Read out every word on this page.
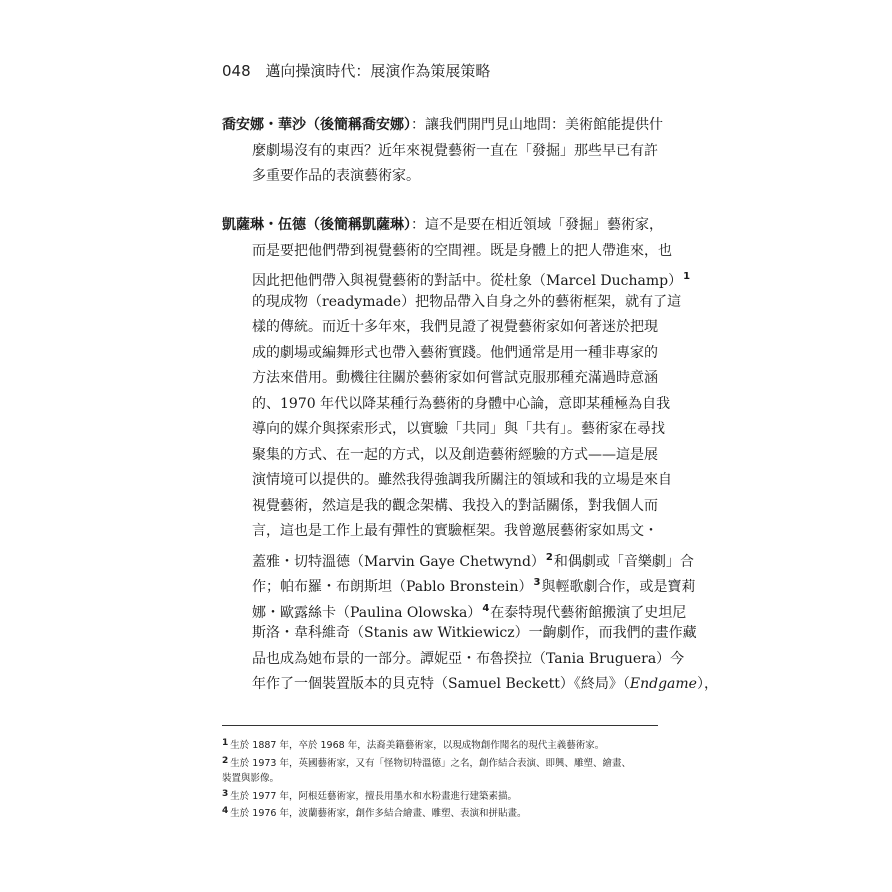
048 邁向操演時代：展演作為策展策略
喬安娜・華沙（後簡稱喬安娜）：讓我們開門見山地問：美術館能提供什
麼劇場沒有的東西？近年來視覺藝術一直在「發掘」那些早已有許
多重要作品的表演藝術家。
凱薩琳・伍德（後簡稱凱薩琳）：這不是要在相近領域「發掘」藝術家，
而是要把他們帶到視覺藝術的空間裡。既是身體上的把人帶進來，也
因此把他們帶入與視覺藝術的對話中。從杜象（Marcel Duchamp）$^1$
的現成物（readymade）把物品帶入自身之外的藝術框架，就有了這
樣的傳統。而近十多年來，我們見證了視覺藝術家如何著迷於把現
成的劇場或編舞形式也帶入藝術實踐。他們通常是用一種非專家的
方法來借用。動機往往關於藝術家如何嘗試克服那種充滿過時意涵
的、1970 年代以降某種行為藝術的身體中心論，意即某種極為自我
導向的媒介與探索形式，以實驗「共同」與「共有」。藝術家在尋找
聚集的方式、在一起的方式，以及創造藝術經驗的方式——這是展
演情境可以提供的。雖然我得強調我所關注的領域和我的立場是來自
視覺藝術，然這是我的觀念架構、我投入的對話關係，對我個人而
言，這也是工作上最有彈性的實驗框架。我曾邀展藝術家如馬文・
蓋雅・切特溫德（Marvin Gaye Chetwynd）$^2$和偶劇或「音樂劇」合
作；帕布羅・布朗斯坦（Pablo Bronstein）$^3$與輕歌劇合作，或是寶莉
娜・歐露絲卡（Paulina Olowska）$^4$在泰特現代藝術館搬演了史坦尼
斯洛・韋科維奇（Stanis aw Witkiewicz）一齣劇作，而我們的畫作藏
品也成為她布景的一部分。譚妮亞・布魯揆拉（Tania Bruguera）今
年作了一個裝置版本的貝克特（Samuel Beckett）《終局》（Endgame），
1 生於 1887 年，卒於 1968 年，法裔美籍藝術家，以現成物創作聞名的現代主義藝術家。
2 生於 1973 年，英國藝術家，又有「怪物切特溫德」之名，創作結合表演、即興、雕塑、繪畫、
裝置與影像。
3 生於 1977 年，阿根廷藝術家，擅長用墨水和水粉畫進行建築素描。
4 生於 1976 年，波蘭藝術家，創作多結合繪畫、雕塑、表演和拼貼畫。
